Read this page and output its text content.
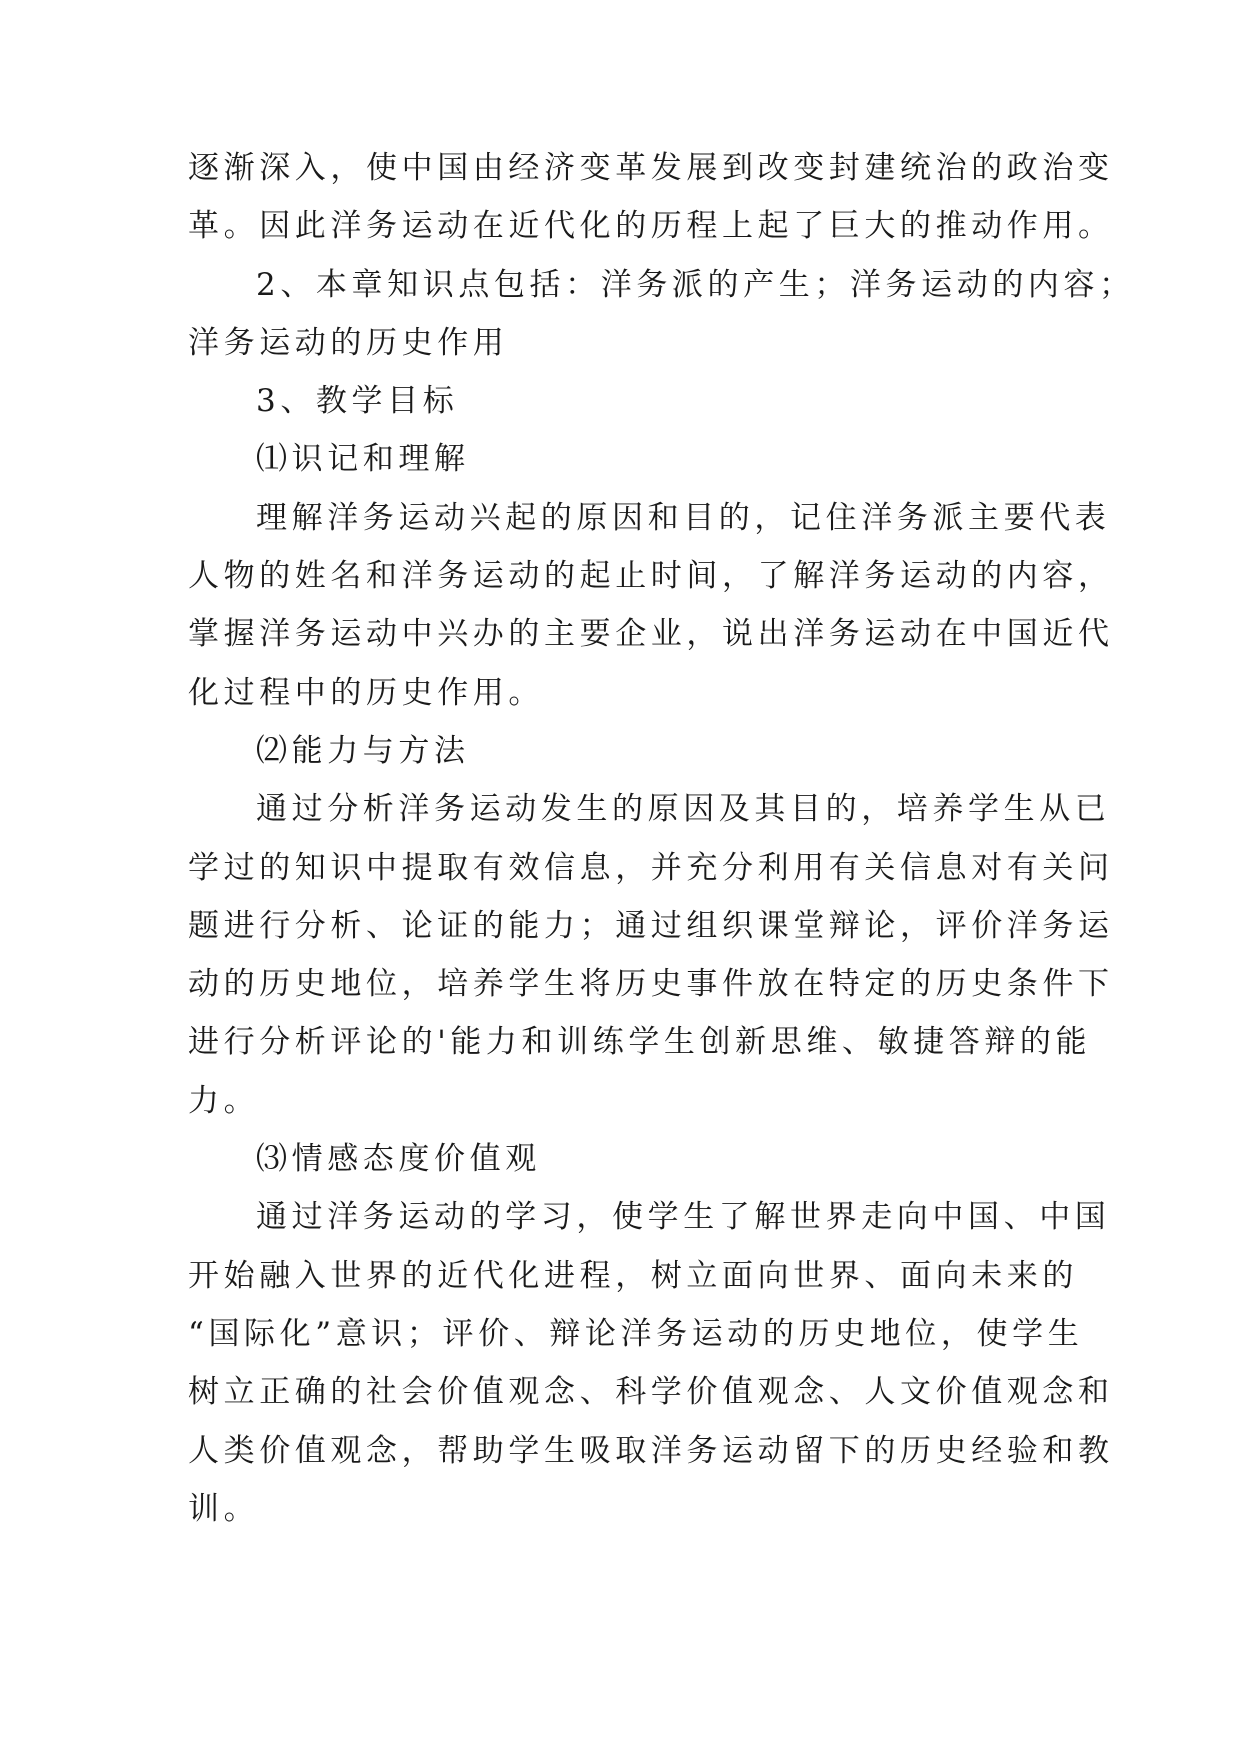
逐渐深入，使中国由经济变革发展到改变封建统治的政治变
革。因此洋务运动在近代化的历程上起了巨大的推动作用。
2、本章知识点包括：洋务派的产生；洋务运动的内容；
洋务运动的历史作用
3、教学目标
⑴识记和理解
理解洋务运动兴起的原因和目的，记住洋务派主要代表
人物的姓名和洋务运动的起止时间，了解洋务运动的内容，
掌握洋务运动中兴办的主要企业，说出洋务运动在中国近代
化过程中的历史作用。
⑵能力与方法
通过分析洋务运动发生的原因及其目的，培养学生从已
学过的知识中提取有效信息，并充分利用有关信息对有关问
题进行分析、论证的能力；通过组织课堂辩论，评价洋务运
动的历史地位，培养学生将历史事件放在特定的历史条件下
进行分析评论的'能力和训练学生创新思维、敏捷答辩的能
力。
⑶情感态度价值观
通过洋务运动的学习，使学生了解世界走向中国、中国
开始融入世界的近代化进程，树立面向世界、面向未来的
“国际化”意识；评价、辩论洋务运动的历史地位，使学生
树立正确的社会价值观念、科学价值观念、人文价值观念和
人类价值观念，帮助学生吸取洋务运动留下的历史经验和教
训。
